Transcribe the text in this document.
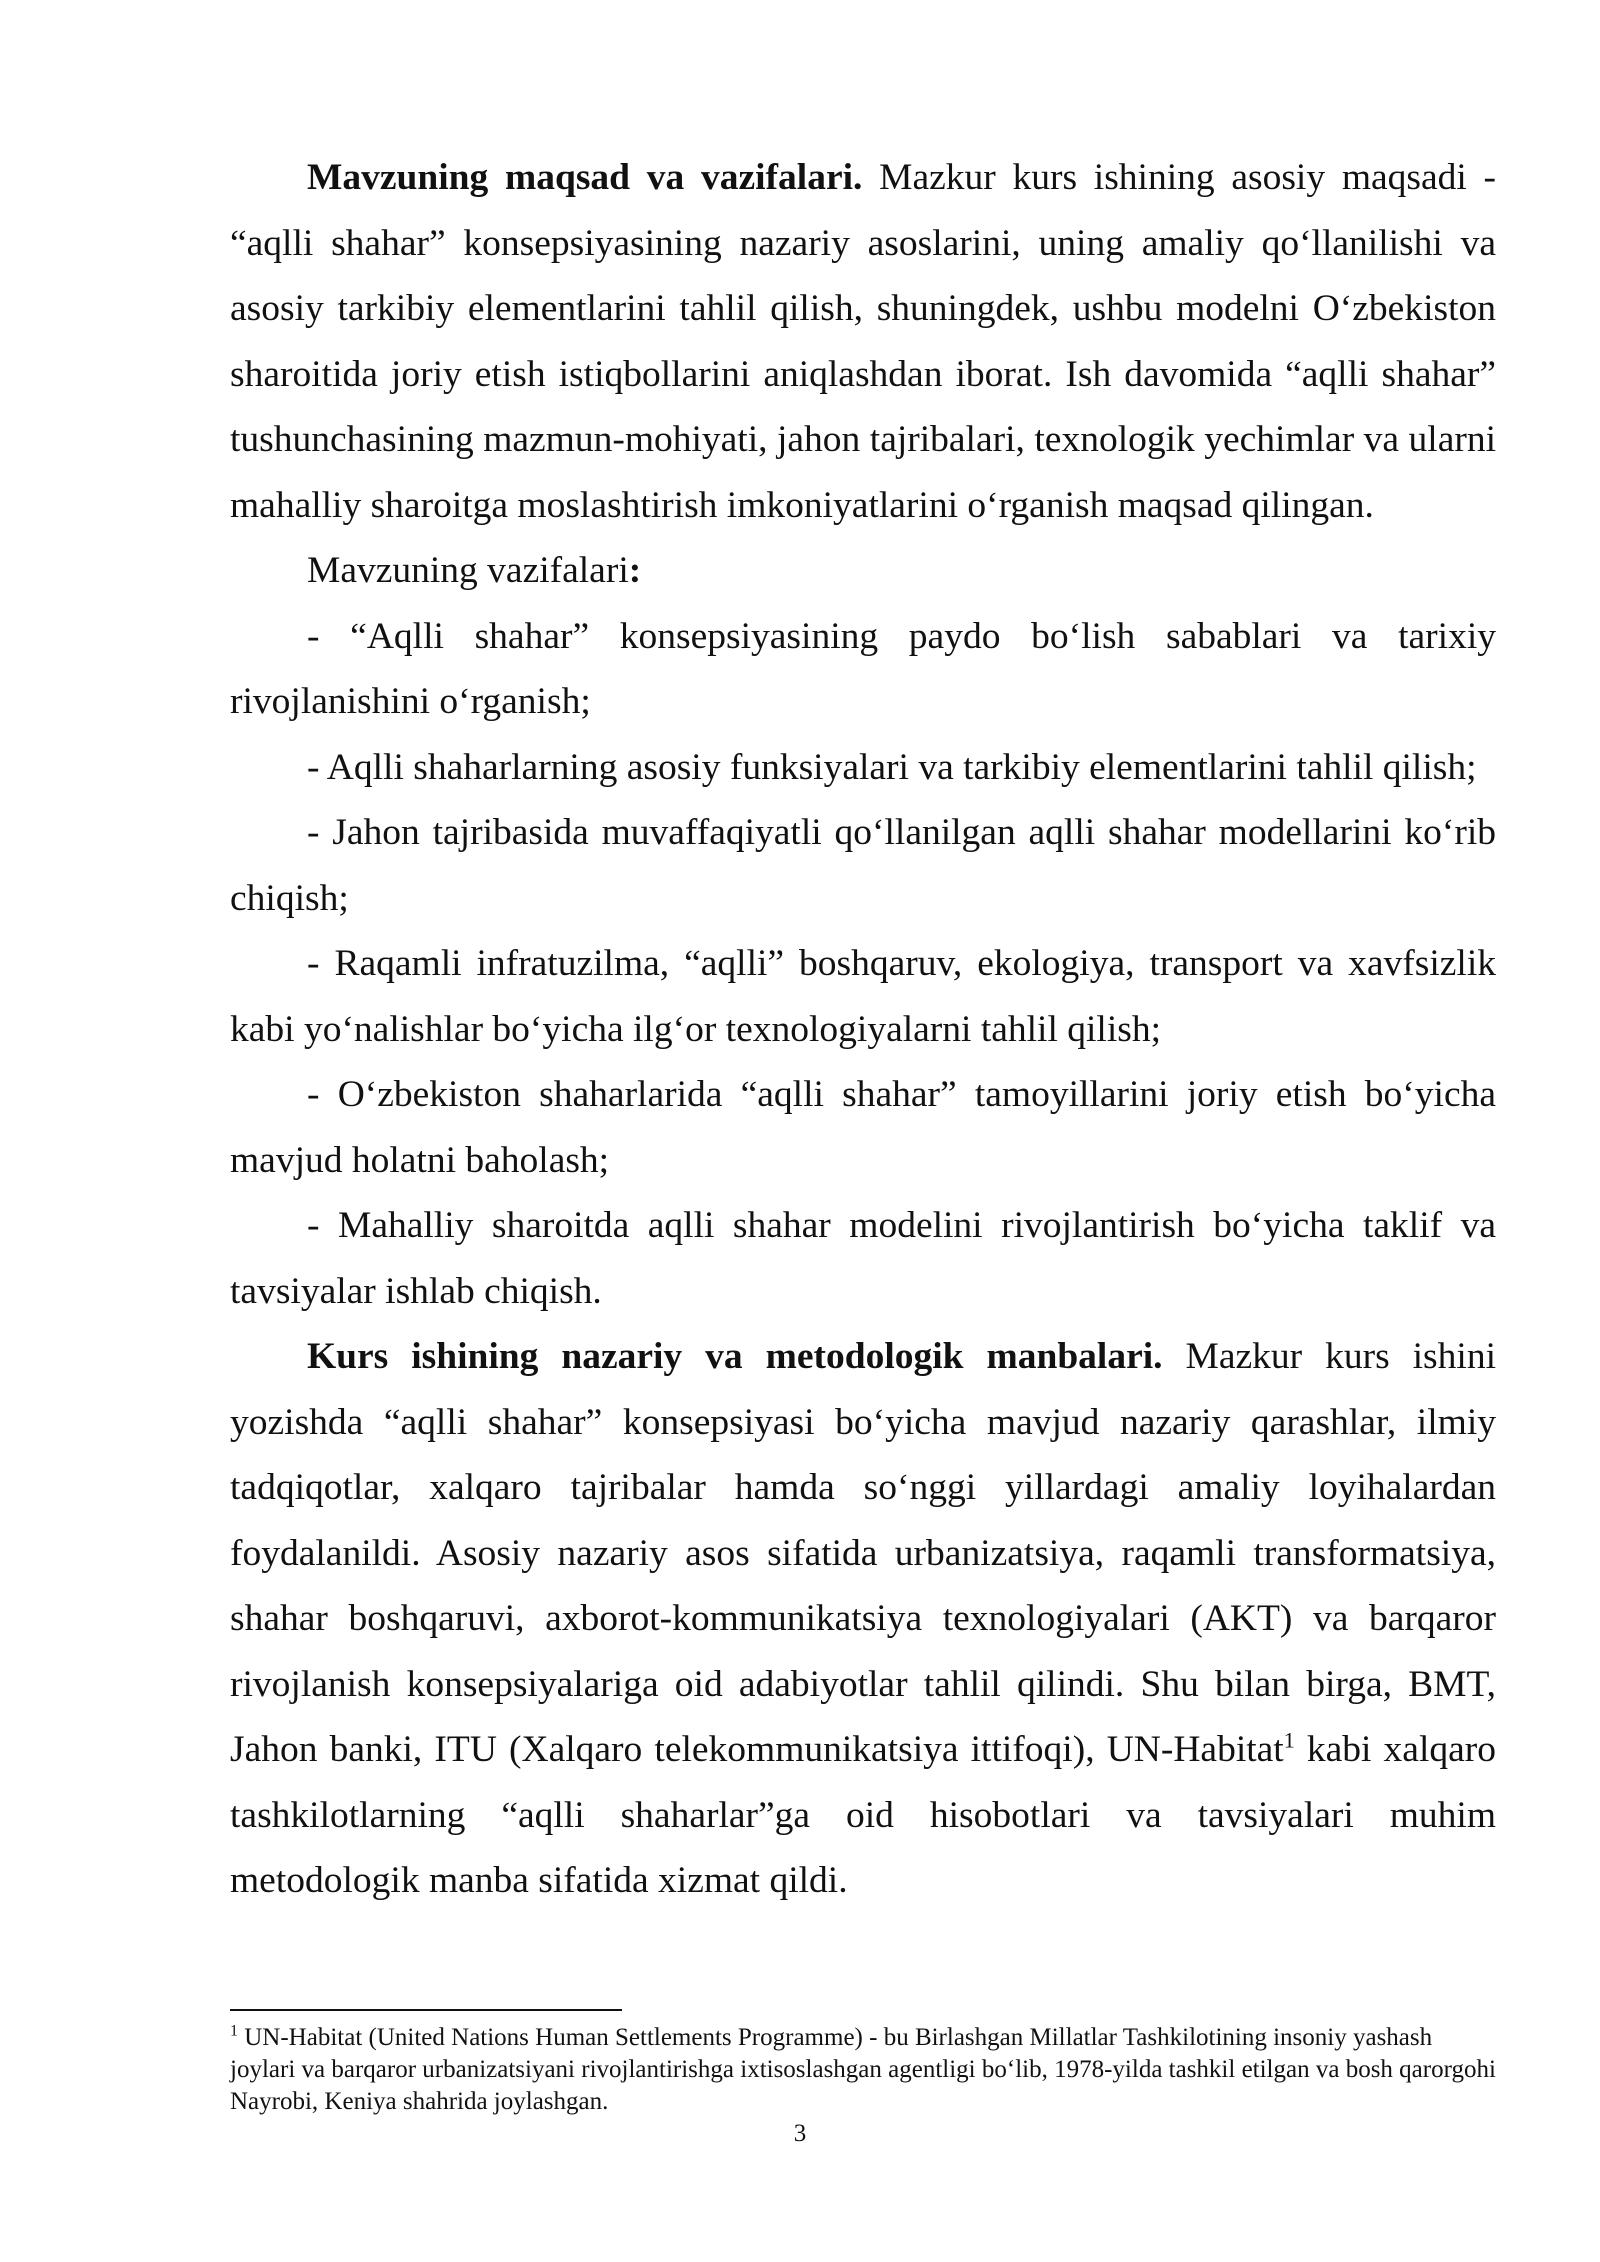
Mavzuning maqsad va vazifalari. Mazkur kurs ishining asosiy maqsadi - “aqlli shahar” konsepsiyasining nazariy asoslarini, uning amaliy qo‘llanilishi va asosiy tarkibiy elementlarini tahlil qilish, shuningdek, ushbu modelni O‘zbekiston sharoitida joriy etish istiqbollarini aniqlashdan iborat. Ish davomida “aqlli shahar” tushunchasining mazmun-mohiyati, jahon tajribalari, texnologik yechimlar va ularni mahalliy sharoitga moslashtirish imkoniyatlarini o‘rganish maqsad qilingan.

Mavzuning vazifalari:

- “Aqlli shahar” konsepsiyasining paydo bo‘lish sabablari va tarixiy rivojlanishini o‘rganish;

- Aqlli shaharlarning asosiy funksiyalari va tarkibiy elementlarini tahlil qilish;

- Jahon tajribasida muvaffaqiyatli qo‘llanilgan aqlli shahar modellarini ko‘rib chiqish;

- Raqamli infratuzilma, “aqlli” boshqaruv, ekologiya, transport va xavfsizlik kabi yo‘nalishlar bo‘yicha ilg‘or texnologiyalarni tahlil qilish;

- O‘zbekiston shaharlarida “aqlli shahar” tamoyillarini joriy etish bo‘yicha mavjud holatni baholash;

- Mahalliy sharoitda aqlli shahar modelini rivojlantirish bo‘yicha taklif va tavsiyalar ishlab chiqish.

Kurs ishining nazariy va metodologik manbalari. Mazkur kurs ishini yozishda “aqlli shahar” konsepsiyasi bo‘yicha mavjud nazariy qarashlar, ilmiy tadqiqotlar, xalqaro tajribalar hamda so‘nggi yillardagi amaliy loyihalardan foydalanildi. Asosiy nazariy asos sifatida urbanizatsiya, raqamli transformatsiya, shahar boshqaruvi, axborot-kommunikatsiya texnologiyalari (AKT) va barqaror rivojlanish konsepsiyalariga oid adabiyotlar tahlil qilindi. Shu bilan birga, BMT, Jahon banki, ITU (Xalqaro telekommunikatsiya ittifoqi), UN-Habitat$^1$ kabi xalqaro tashkilotlarning “aqlli shaharlar”ga oid hisobotlari va tavsiyalari muhim metodologik manba sifatida xizmat qildi.

$^1$ UN-Habitat (United Nations Human Settlements Programme) - bu Birlashgan Millatlar Tashkilotining insoniy yashash joylari va barqaror urbanizatsiyani rivojlantirishga ixtisoslashgan agentligi bo‘lib, 1978-yilda tashkil etilgan va bosh qarorgohi Nayrobi, Keniya shahrida joylashgan.

3
